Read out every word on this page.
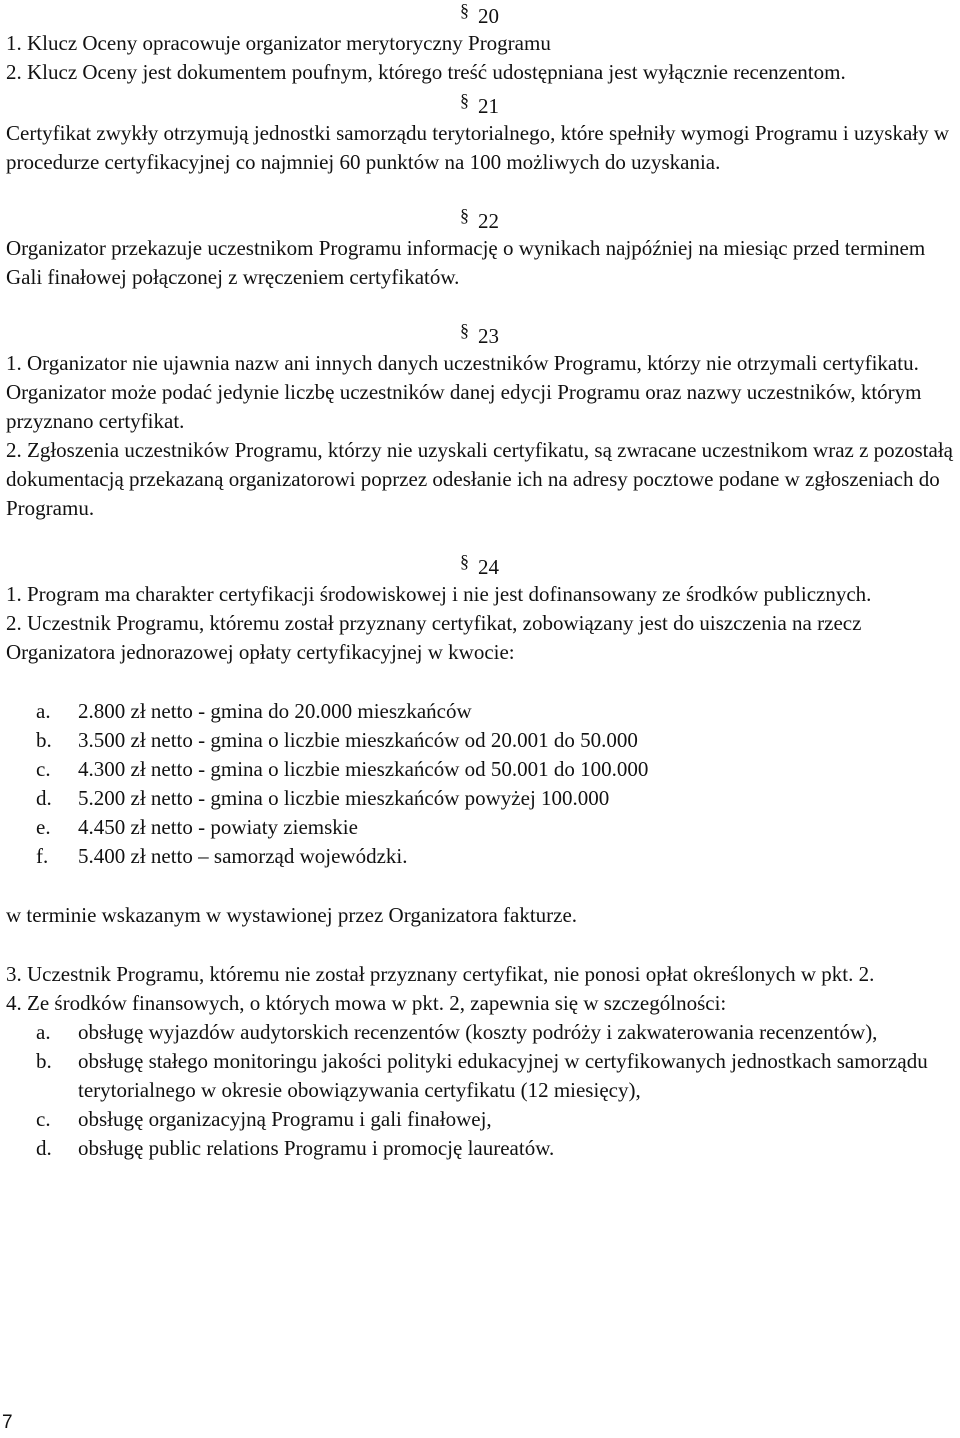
§ 20

1. Klucz Oceny opracowuje organizator merytoryczny Programu

2. Klucz Oceny jest dokumentem poufnym, którego treść udostępniana jest wyłącznie recenzentom.

§ 21

Certyfikat zwykły otrzymują jednostki samorządu terytorialnego, które spełniły wymogi Programu i uzyskały w procedurze certyfikacyjnej co najmniej 60 punktów na 100 możliwych do uzyskania.

§ 22

Organizator przekazuje uczestnikom Programu informację o wynikach najpóźniej na miesiąc przed terminem Gali finałowej połączonej z wręczeniem certyfikatów.

§ 23

1. Organizator nie ujawnia nazw ani innych danych uczestników Programu, którzy nie otrzymali certyfikatu. Organizator może podać jedynie liczbę uczestników danej edycji Programu oraz nazwy uczestników, którym przyznano certyfikat.

2. Zgłoszenia uczestników Programu, którzy nie uzyskali certyfikatu, są zwracane uczestnikom wraz z pozostałą dokumentacją przekazaną organizatorowi poprzez odesłanie ich na adresy pocztowe podane w zgłoszeniach do Programu.

§ 24

1. Program ma charakter certyfikacji środowiskowej i nie jest dofinansowany ze środków publicznych.

2. Uczestnik Programu, któremu został przyznany certyfikat, zobowiązany jest do uiszczenia na rzecz Organizatora jednorazowej opłaty certyfikacyjnej w kwocie:

a. 2.800 zł netto - gmina do 20.000 mieszkańców
b. 3.500 zł netto - gmina o liczbie mieszkańców od 20.001 do 50.000
c. 4.300 zł netto - gmina o liczbie mieszkańców od 50.001 do 100.000
d. 5.200 zł netto - gmina o liczbie mieszkańców powyżej 100.000
e. 4.450 zł netto - powiaty ziemskie
f. 5.400 zł netto – samorząd wojewódzki.

w terminie wskazanym w wystawionej przez Organizatora fakturze.

3. Uczestnik Programu, któremu nie został przyznany certyfikat, nie ponosi opłat określonych w pkt. 2.

4. Ze środków finansowych, o których mowa w pkt. 2, zapewnia się w szczególności:

a. obsługę wyjazdów audytorskich recenzentów (koszty podróży i zakwaterowania recenzentów),
b. obsługę stałego monitoringu jakości polityki edukacyjnej w certyfikowanych jednostkach samorządu terytorialnego w okresie obowiązywania certyfikatu (12 miesięcy),
c. obsługę organizacyjną Programu i gali finałowej,
d. obsługę public relations Programu i promocję laureatów.
7
